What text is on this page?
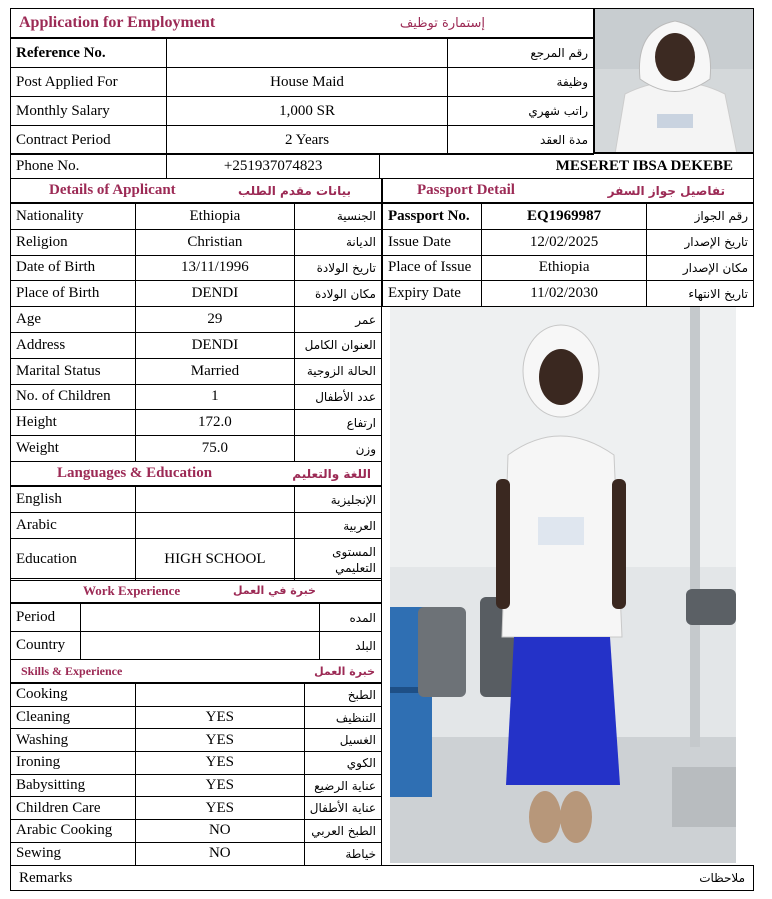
Application for Employment	إستمارة توظيف
Reference No.		رقم المرجع
Post Applied For	House Maid	وظيفة
Monthly Salary	1,000 SR	راتب شهري
Contract Period	2 Years	مدة العقد
Phone No.	+251937074823	MESERET IBSA DEKEBE
Details of Applicant	بيانات مقدم الطلب
Nationality	Ethiopia	الجنسية
Religion	Christian	الديانة
Date of Birth	13/11/1996	تاريخ الولادة
Place of Birth	DENDI	مكان الولادة
Age	29	عمر
Address	DENDI	العنوان الكامل
Marital Status	Married	الحالة الزوجية
No. of Children	1	عدد الأطفال
Height	172.0	ارتفاع
Weight	75.0	وزن
Languages & Education	اللغة والتعليم
English		الإنجليزية
Arabic		العربية
Education	HIGH SCHOOL	المستوى التعليمي
Work Experience	خبرة في العمل
Period		المده
Country		البلد
Skills & Experience	خبرة العمل
Cooking		الطبخ
Cleaning	YES	التنظيف
Washing	YES	الغسيل
Ironing	YES	الكوي
Babysitting	YES	عناية الرضيع
Children Care	YES	عناية الأطفال
Arabic Cooking	NO	الطبخ العربي
Sewing	NO	خياطة
Passport Detail	تفاصيل جواز السفر
Passport No.	EQ1969987	رقم الجواز
Issue Date	12/02/2025	تاريخ الإصدار
Place of Issue	Ethiopia	مكان الإصدار
Expiry Date	11/02/2030	تاريخ الانتهاء
Remarks	ملاحظات
